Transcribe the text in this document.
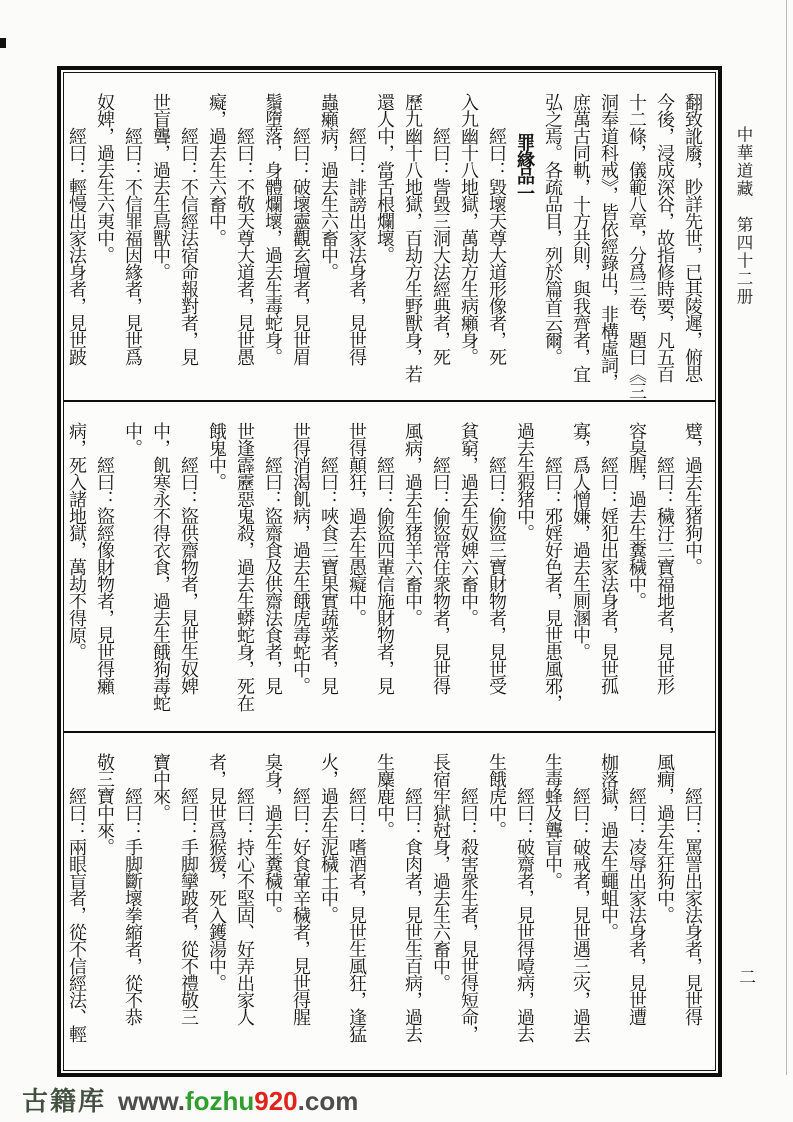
中華道藏　第四十二册
二
翻致訛廢，眇詳先世，已其陵遲，俯思
今後，浸成深谷，故指修時要，凡五百
十二條，儀範八章，分爲三卷，題曰《三
洞奉道科戒》，皆依經錄出，非構虛詞，
庶萬古同軌，十方共則，與我齊者，宜
弘之焉。各疏品目，列於篇首云爾。
罪緣品一
經曰：毀壞天尊大道形像者，死
入九幽十八地獄，萬劫方生病癩身。
經曰：訾毀三洞大法經典者，死
歷九幽十八地獄，百劫方生野獸身，若
還人中，當舌根爛壞。
經曰：誹謗出家法身者，見世得
蟲癩病，過去生六畜中。
經曰：破壞靈觀玄壇者，見世眉
鬚墮落，身體爛壞，過去生毒蛇身。
經曰：不敬天尊大道者，見世愚
癡，過去生六畜中。
經曰：不信經法宿命報對者，見
世盲聾，過去生鳥獸中。
經曰：不信罪福因緣者，見世爲
奴婢，過去生六夷中。
經曰：輕慢出家法身者，見世跛
躄，過去生猪狗中。
經曰：穢汙三寶福地者，見世形
容臭腥，過去生糞穢中。
經曰：婬犯出家法身者，見世孤
寡，爲人憎嫌，過去生厠溷中。
經曰：邪婬好色者，見世患風邪，
過去生猳猪中。
經曰：偷盜三寶財物者，見世受
貧窮，過去生奴婢六畜中。
經曰：偷盜常住衆物者，見世得
風病，過去生猪羊六畜中。
經曰：偷盜四輩信施財物者，見
世得顛狂，過去生愚癡中。
經曰：唊食三寶果實蔬菜者，見
世得消渴飢病，過去生餓虎毒蛇中。
經曰：盜齋食及供齋法食者，見
世逢霹靂惡鬼殺，過去生蟒蛇身，死在
餓鬼中。
經曰：盜供齋物者，見世生奴婢
中，飢寒永不得衣食，過去生餓狗毒蛇
中。
經曰：盜經像財物者，見世得癩
病，死入諸地獄，萬劫不得原。
經曰：罵詈出家法身者，見世得
風癇，過去生狂狗中。
經曰：凌辱出家法身者，見世遭
枷落獄，過去生蠅蛆中。
經曰：破戒者，見世遇三灾，過去
生毒蜂及聾盲中。
經曰：破齋者，見世得噎病，過去
生餓虎中。
經曰：殺害衆生者，見世得短命，
長宿牢獄尅身，過去生六畜中。
經曰：食肉者，見世生百病，過去
生麋鹿中。
經曰：嗜酒者，見世生風狂，逢猛
火，過去生泥穢土中。
經曰：好食葷辛穢者，見世得腥
臭身，過去生糞穢中。
經曰：持心不堅固、好弄出家人
者，見世爲猴猨，死入鑊湯中。
經曰：手脚攣跛者，從不禮敬三
寶中來。
經曰：手脚斷壞拳縮者，從不恭
敬三寶中來。
經曰：兩眼盲者，從不信經法、輕
古籍库 www. fozhu 920 .com
